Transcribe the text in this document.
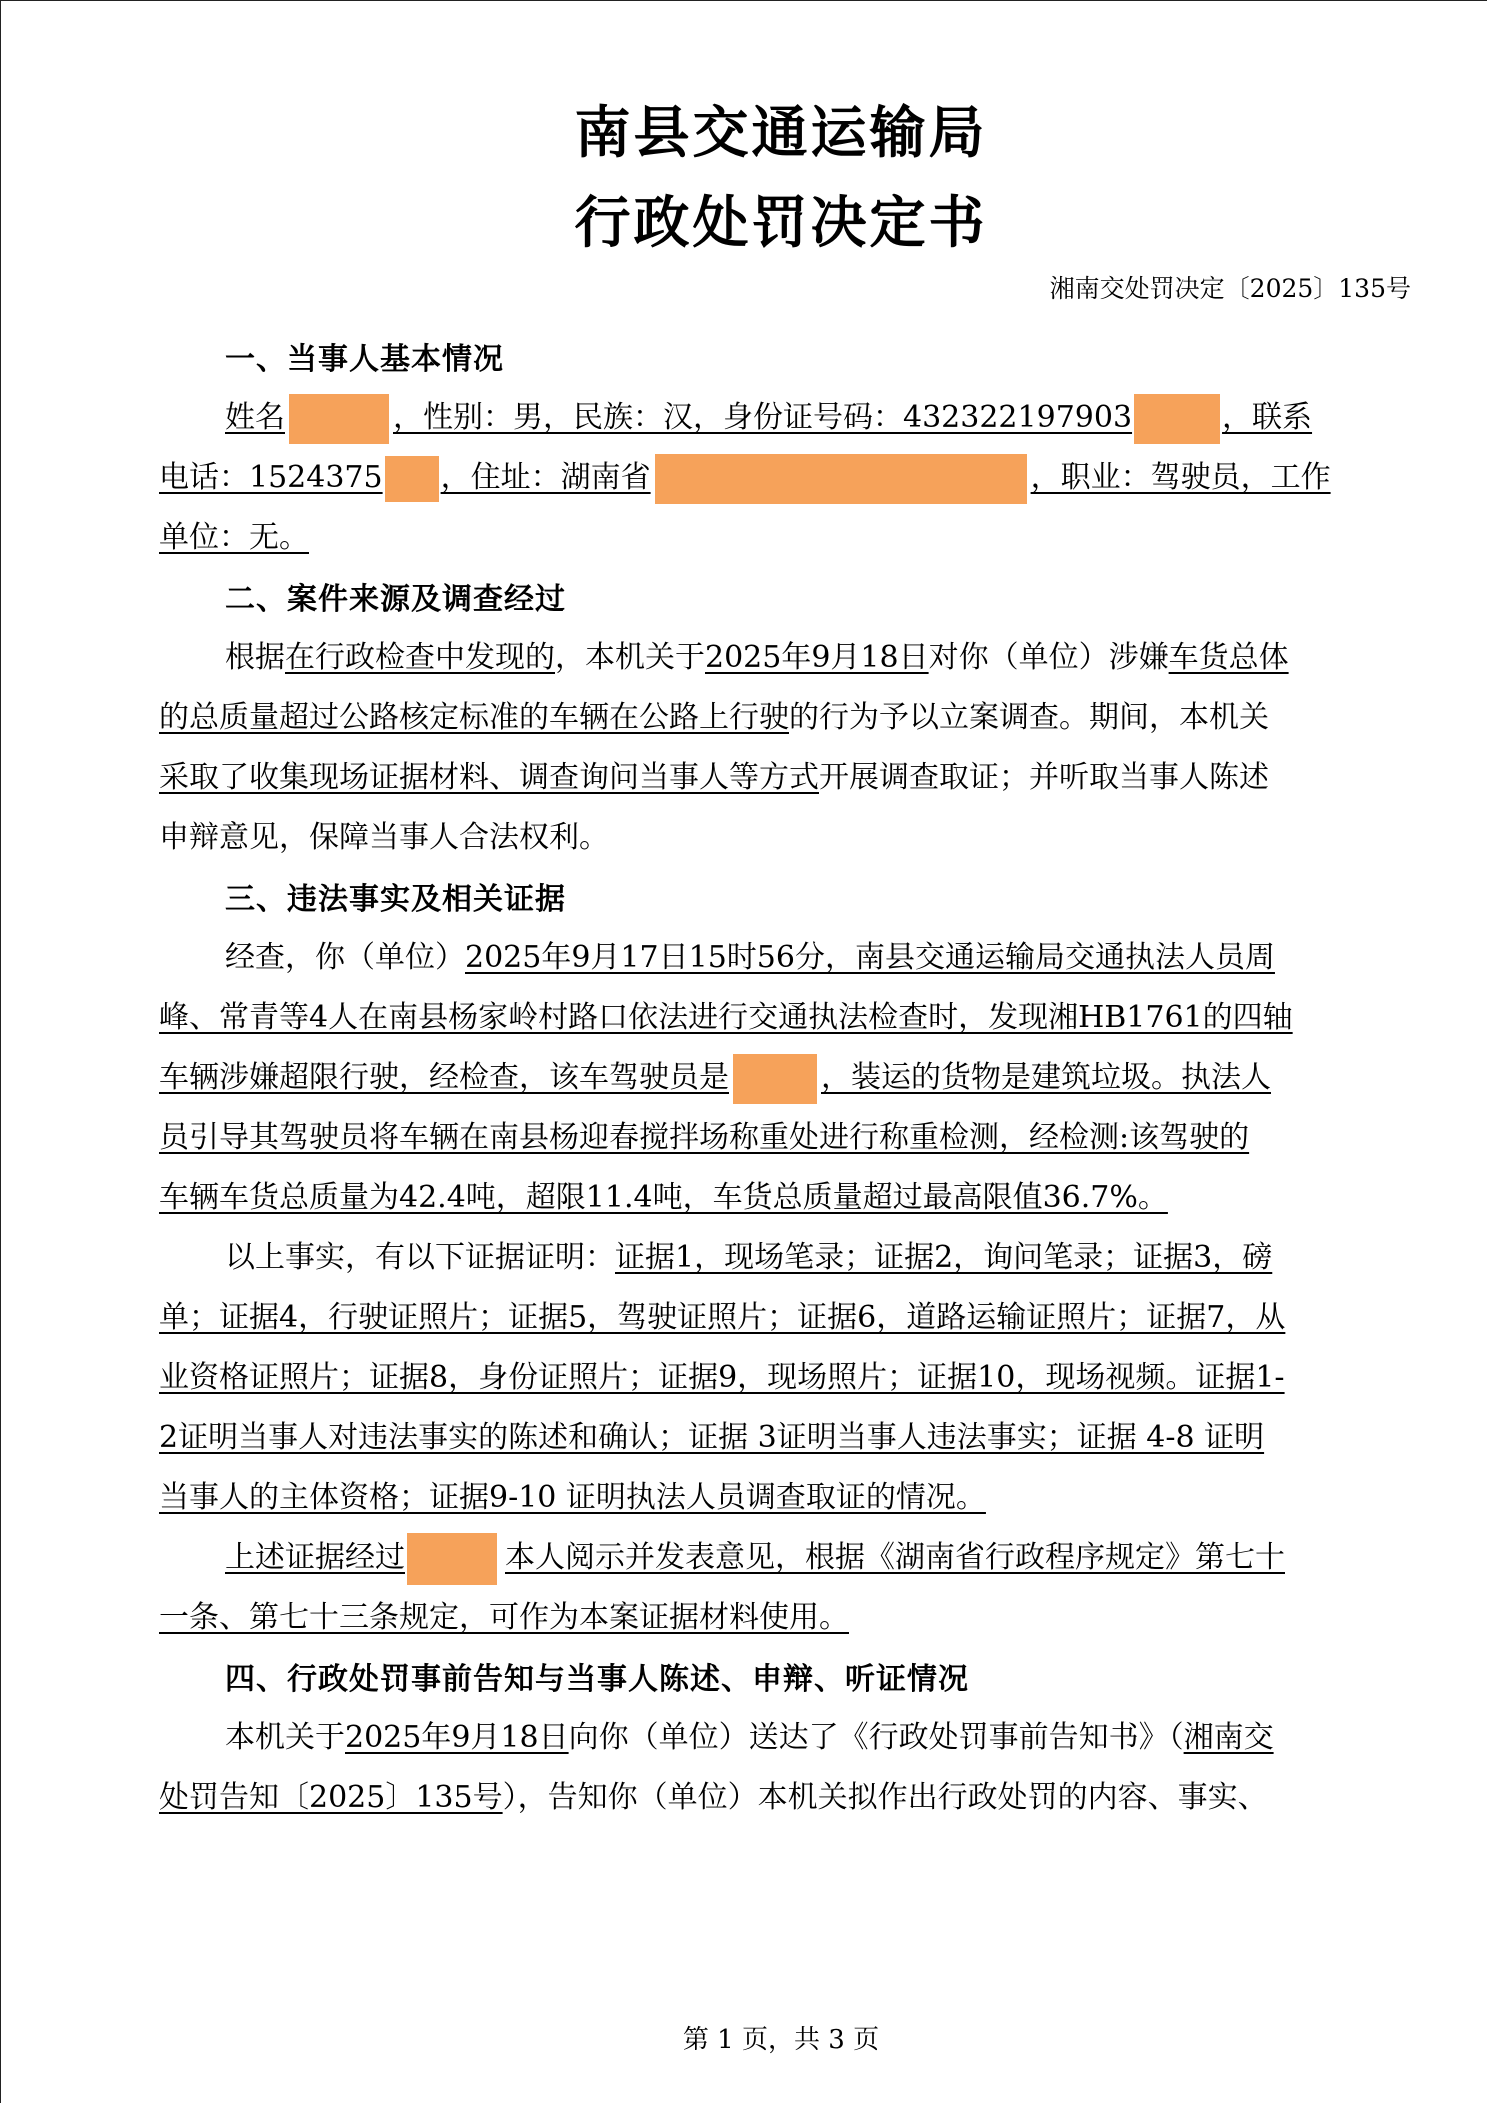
南县交通运输局
行政处罚决定书
湘南交处罚决定〔2025〕135号
一、当事人基本情况
姓名	，性别：男，民族：汉，身份证号码：432322197903	，联系
电话：1524375 ，住址：湖南省	，职业：驾驶员，工作
单位：无。
二、案件来源及调查经过
根据在行政检查中发现的，本机关于2025年9月18日对你（单位）涉嫌车货总体
的总质量超过公路核定标准的车辆在公路上行驶的行为予以立案调查。期间，本机关
采取了收集现场证据材料、调查询问当事人等方式开展调查取证；并听取当事人陈述
申辩意见，保障当事人合法权利。
三、违法事实及相关证据
经查，你（单位）2025年9月17日15时56分，南县交通运输局交通执法人员周
峰、常青等4人在南县杨家岭村路口依法进行交通执法检查时，发现湘HB1761的四轴
车辆涉嫌超限行驶，经检查，该车驾驶员是	，装运的货物是建筑垃圾。执法人
员引导其驾驶员将车辆在南县杨迎春搅拌场称重处进行称重检测，经检测:该驾驶的
车辆车货总质量为42.4吨，超限11.4吨，车货总质量超过最高限值36.7%。
以上事实，有以下证据证明：证据1，现场笔录；证据2，询问笔录；证据3，磅
单；证据4，行驶证照片；证据5，驾驶证照片；证据6，道路运输证照片；证据7，从
业资格证照片；证据8，身份证照片；证据9，现场照片；证据10，现场视频。证据1-
2证明当事人对违法事实的陈述和确认；证据 3证明当事人违法事实；证据 4-8 证明
当事人的主体资格；证据9-10 证明执法人员调查取证的情况。
上述证据经过	本人阅示并发表意见，根据《湖南省行政程序规定》第七十
一条、第七十三条规定，可作为本案证据材料使用。
四、行政处罚事前告知与当事人陈述、申辩、听证情况
本机关于2025年9月18日向你（单位）送达了《行政处罚事前告知书》（湘南交
处罚告知〔2025〕135号），告知你（单位）本机关拟作出行政处罚的内容、事实、
第 1 页，共 3 页
